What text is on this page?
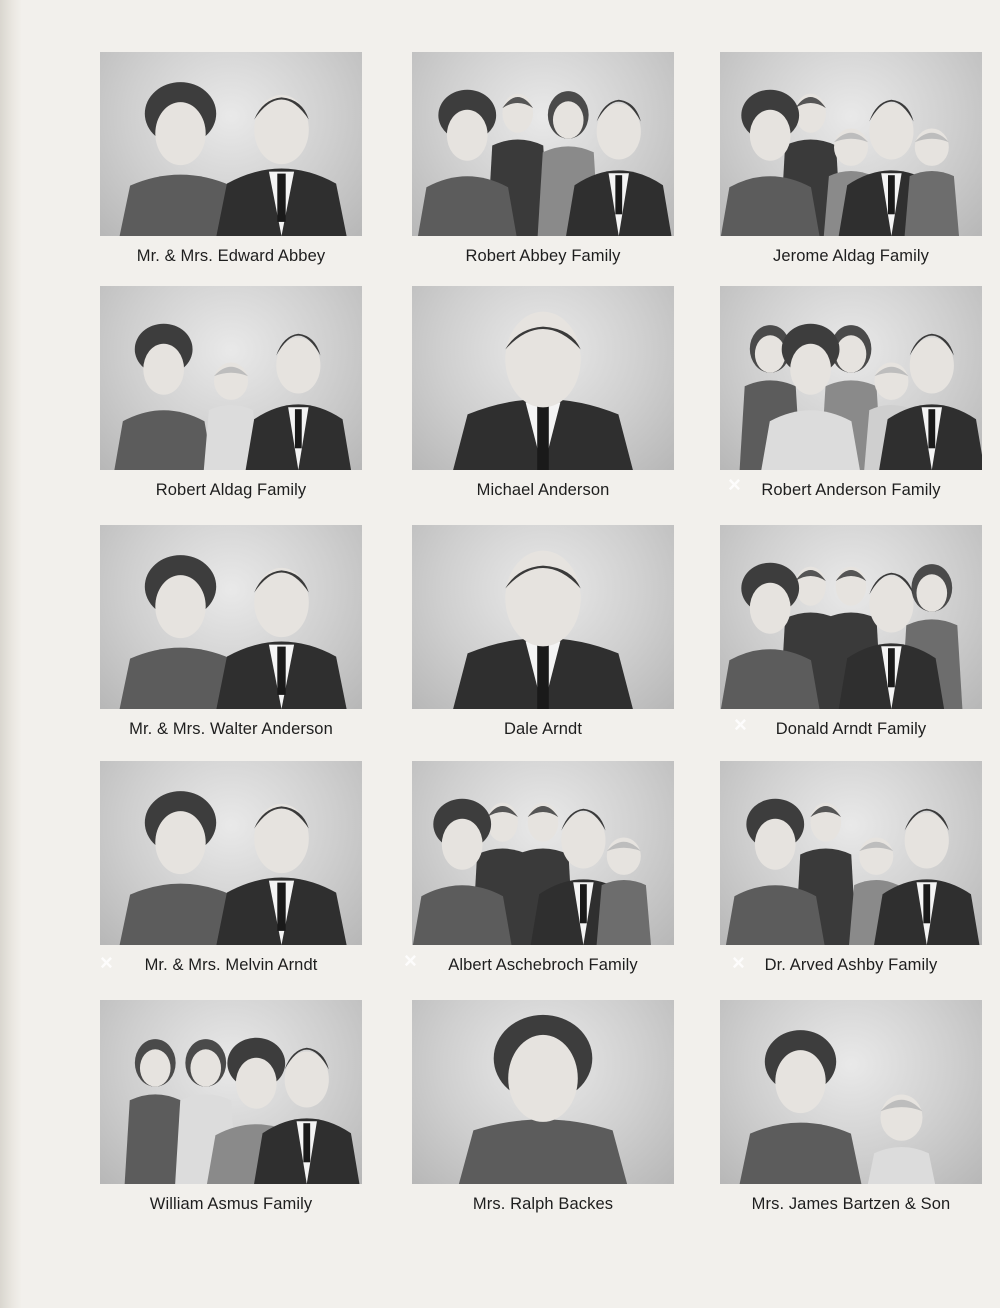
Mr. & Mrs. Edward Abbey	Robert Abbey Family	Jerome Aldag Family
Robert Aldag Family	Michael Anderson	Robert Anderson Family
Mr. & Mrs. Walter Anderson	Dale Arndt	Donald Arndt Family
Mr. & Mrs. Melvin Arndt	Albert Aschebroch Family	Dr. Arved Ashby Family
William Asmus Family	Mrs. Ralph Backes	Mrs. James Bartzen & Son
×
×
×	×	×
